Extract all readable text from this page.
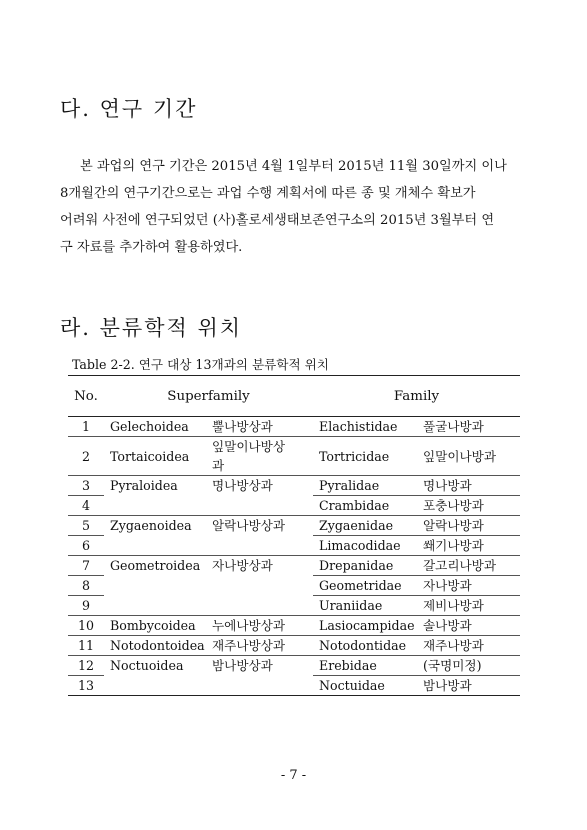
다. 연구 기간

본 과업의 연구 기간은 2015년 4월 1일부터 2015년 11월 30일까지 이나
8개월간의 연구기간으로는 과업 수행 계획서에 따른 종 및 개체수 확보가
어려워 사전에 연구되었던 (사)홀로세생태보존연구소의 2015년 3월부터 연
구 자료를 추가하여 활용하였다.

라. 분류학적 위치

Table 2-2. 연구 대상 13개과의 분류학적 위치

No.	Superfamily		Family	
1	Gelechoidea	뿔나방상과	Elachistidae	풀굴나방과
2	Tortaicoidea	잎말이나방상과	Tortricidae	잎말이나방과
3	Pyraloidea	명나방상과	Pyralidae	명나방과
4			Crambidae	포충나방과
5	Zygaenoidea	알락나방상과	Zygaenidae	알락나방과
6			Limacodidae	쐐기나방과
7	Geometroidea	자나방상과	Drepanidae	갈고리나방과
8			Geometridae	자나방과
9			Uraniidae	제비나방과
10	Bombycoidea	누에나방상과	Lasiocampidae	솔나방과
11	Notodontoidea	재주나방상과	Notodontidae	재주나방과
12	Noctuoidea	밤나방상과	Erebidae	(국명미정)
13			Noctuidae	밤나방과
- 7 -
